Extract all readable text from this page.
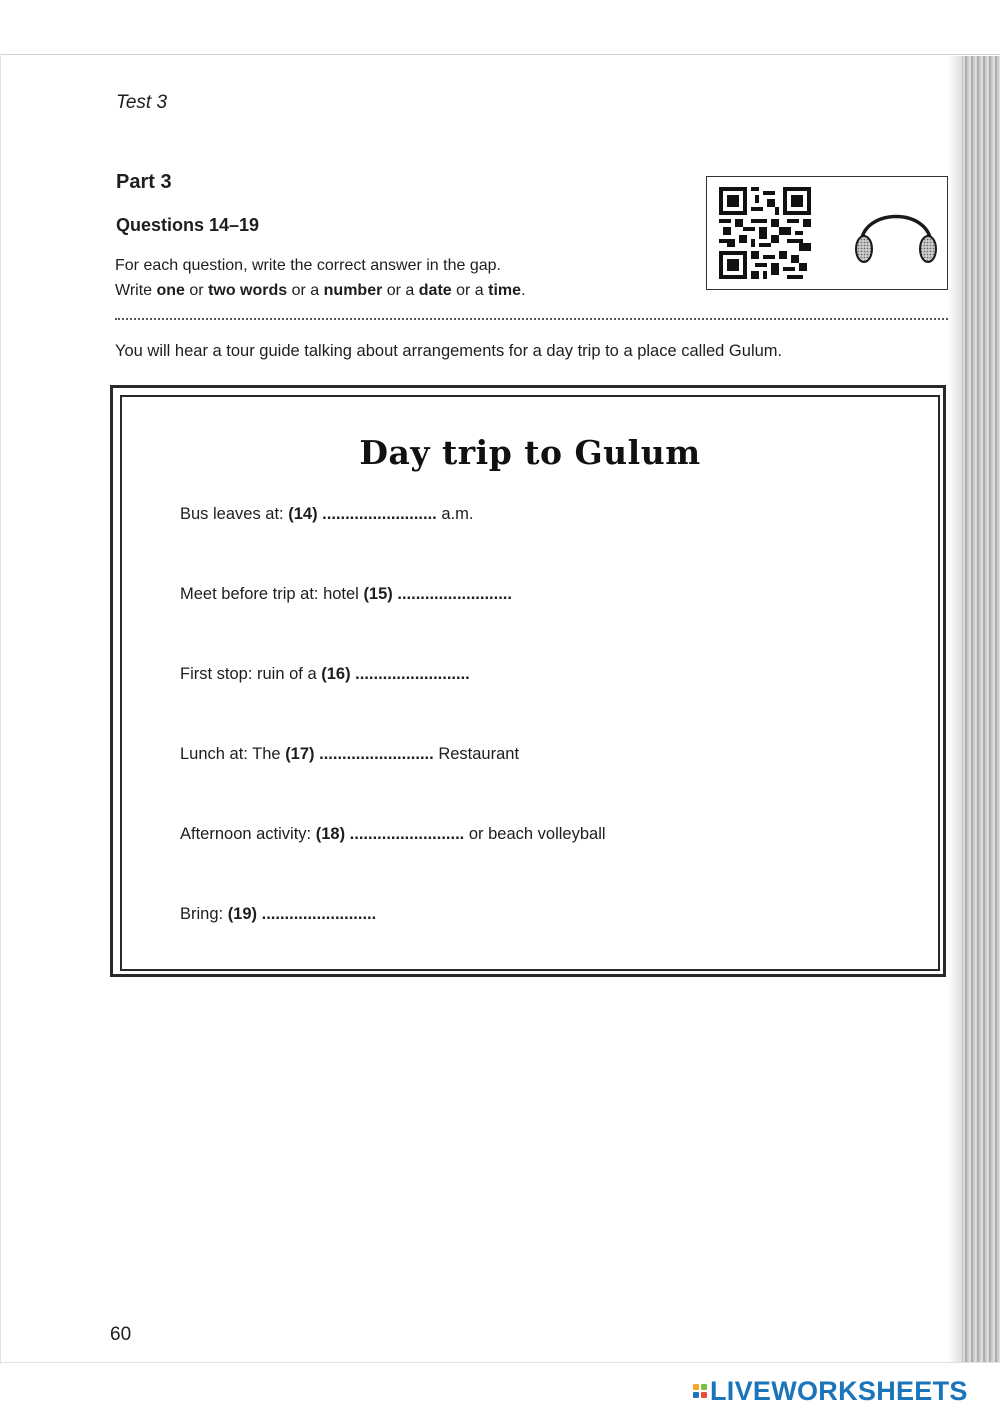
Test 3
Part 3
Questions 14–19
For each question, write the correct answer in the gap.
Write one or two words or a number or a date or a time.
You will hear a tour guide talking about arrangements for a day trip to a place called Gulum.
Day trip to Gulum
Bus leaves at: (14) ......................... a.m.
Meet before trip at: hotel (15) .........................
First stop: ruin of a (16) .........................
Lunch at: The (17) ......................... Restaurant
Afternoon activity: (18) ......................... or beach volleyball
Bring: (19) .........................
60
LIVEWORKSHEETS
